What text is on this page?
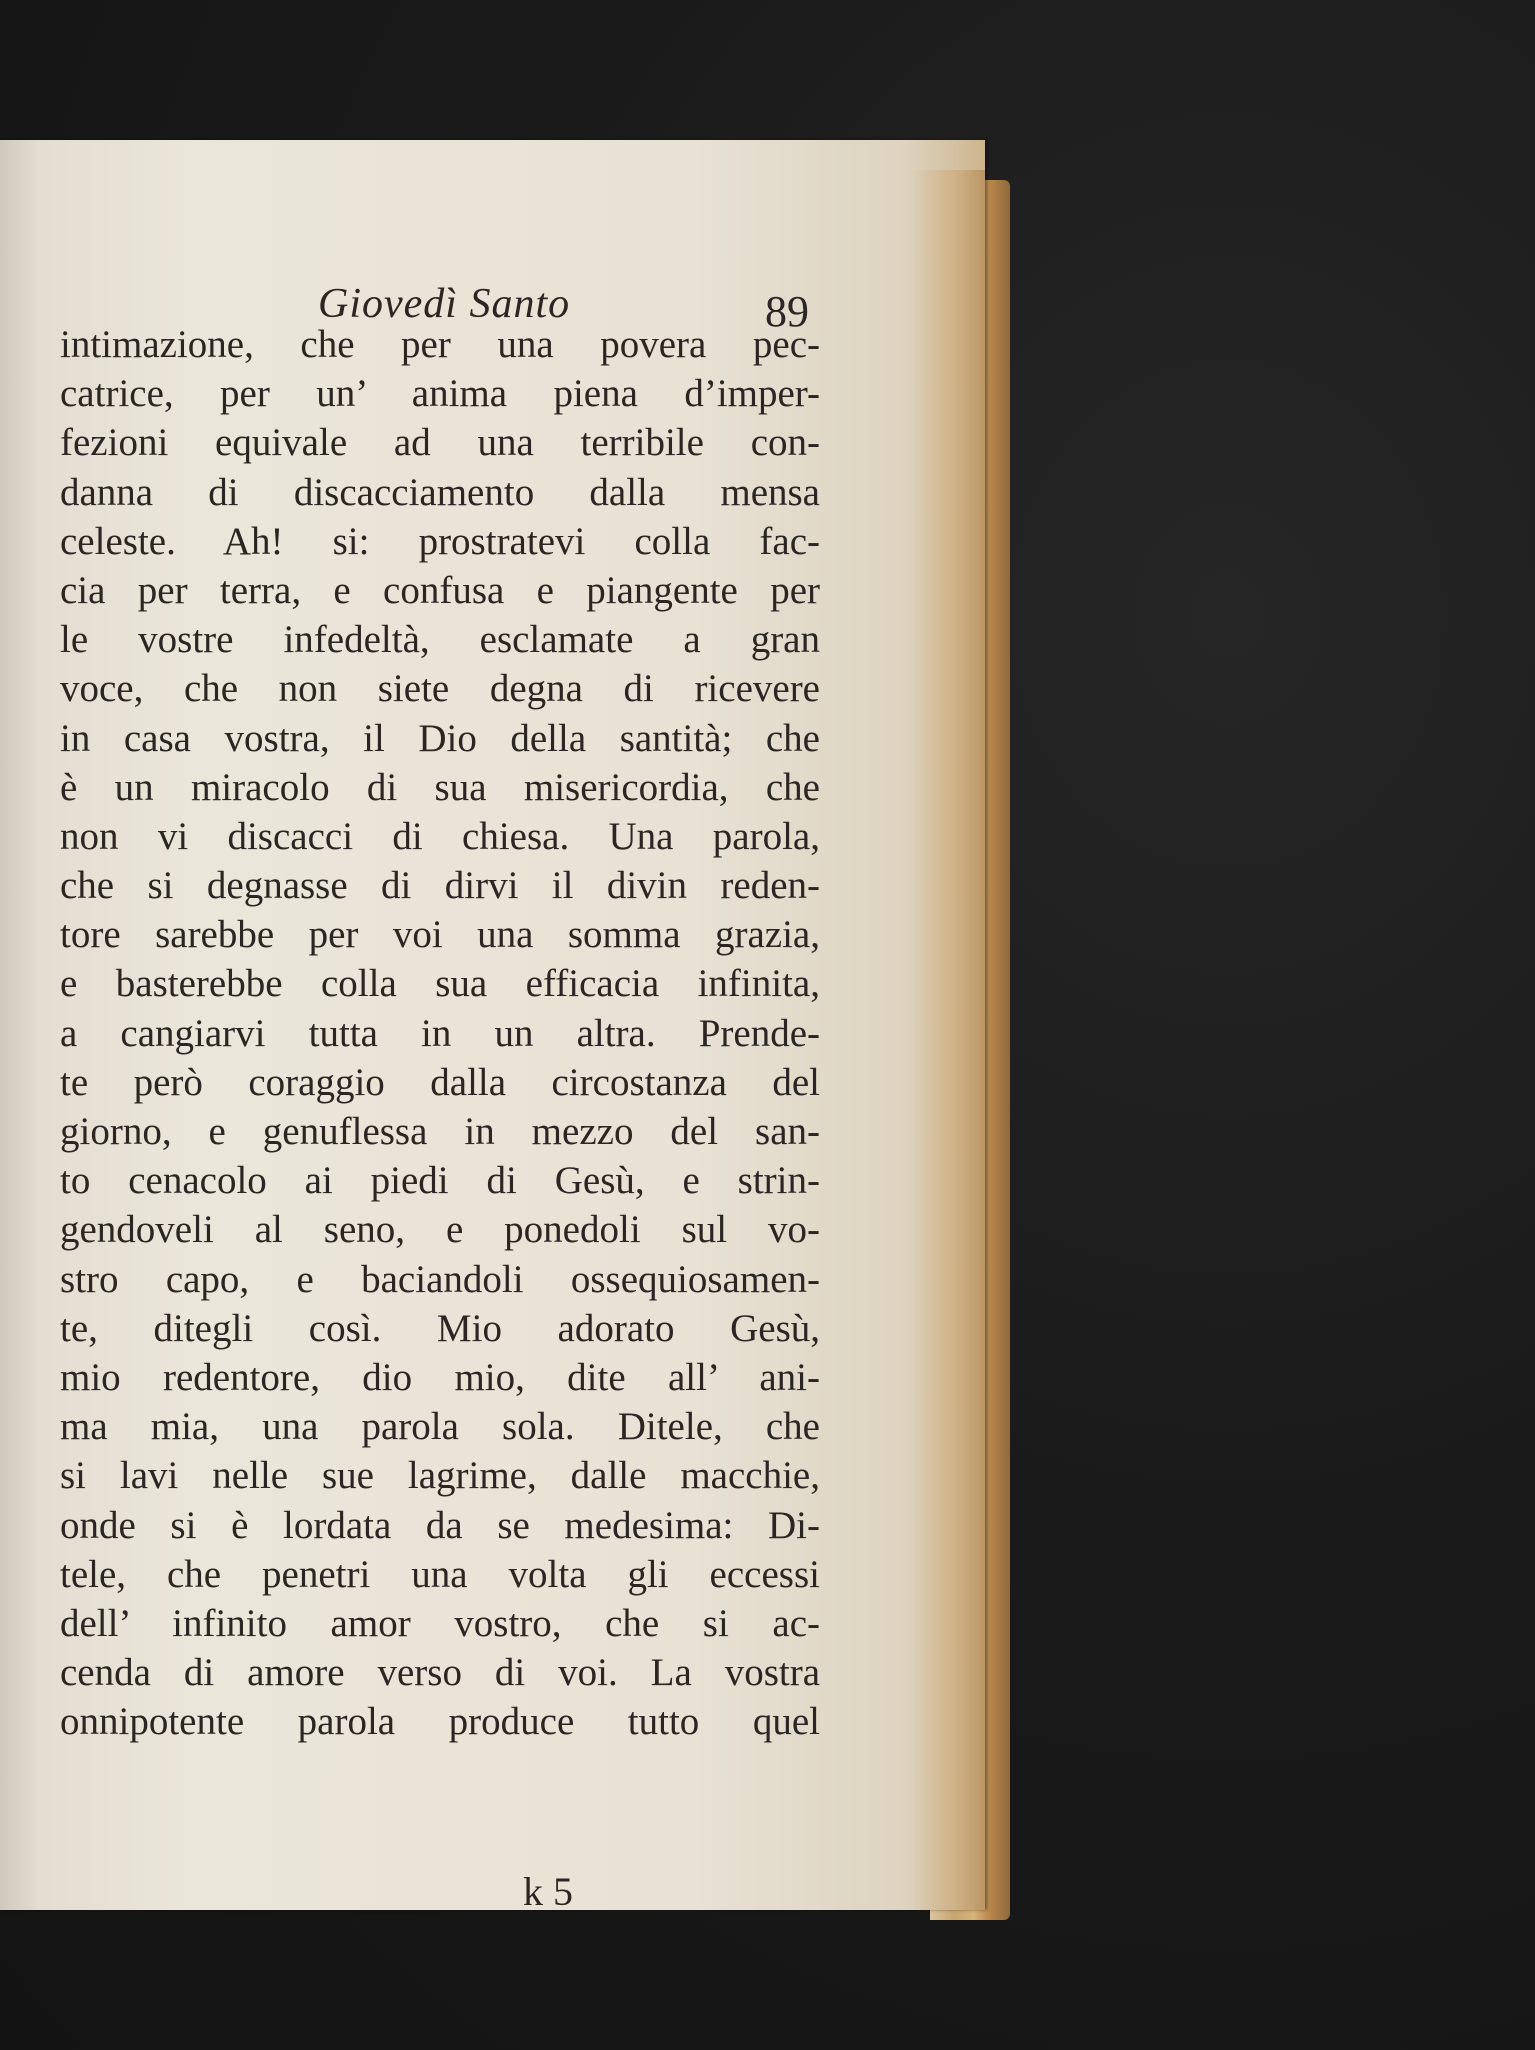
Giovedì Santo	89
intimazione, che per una povera pec-
catrice, per un’ anima piena d’imper-
fezioni equivale ad una terribile con-
danna di discacciamento dalla mensa
celeste. Ah! si: prostratevi colla fac-
cia per terra, e confusa e piangente per
le vostre infedeltà, esclamate a gran
voce, che non siete degna di ricevere
in casa vostra, il Dio della santità; che
è un miracolo di sua misericordia, che
non vi discacci di chiesa. Una parola,
che si degnasse di dirvi il divin reden-
tore sarebbe per voi una somma grazia,
e basterebbe colla sua efficacia infinita,
a cangiarvi tutta in un altra. Prende-
te però coraggio dalla circostanza del
giorno, e genuflessa in mezzo del san-
to cenacolo ai piedi di Gesù, e strin-
gendoveli al seno, e ponedoli sul vo-
stro capo, e baciandoli ossequiosamen-
te, ditegli così. Mio adorato Gesù,
mio redentore, dio mio, dite all’ ani-
ma mia, una parola sola. Ditele, che
si lavi nelle sue lagrime, dalle macchie,
onde si è lordata da se medesima: Di-
tele, che penetri una volta gli eccessi
dell’ infinito amor vostro, che si ac-
cenda di amore verso di voi. La vostra
onnipotente parola produce tutto quel
k 5
